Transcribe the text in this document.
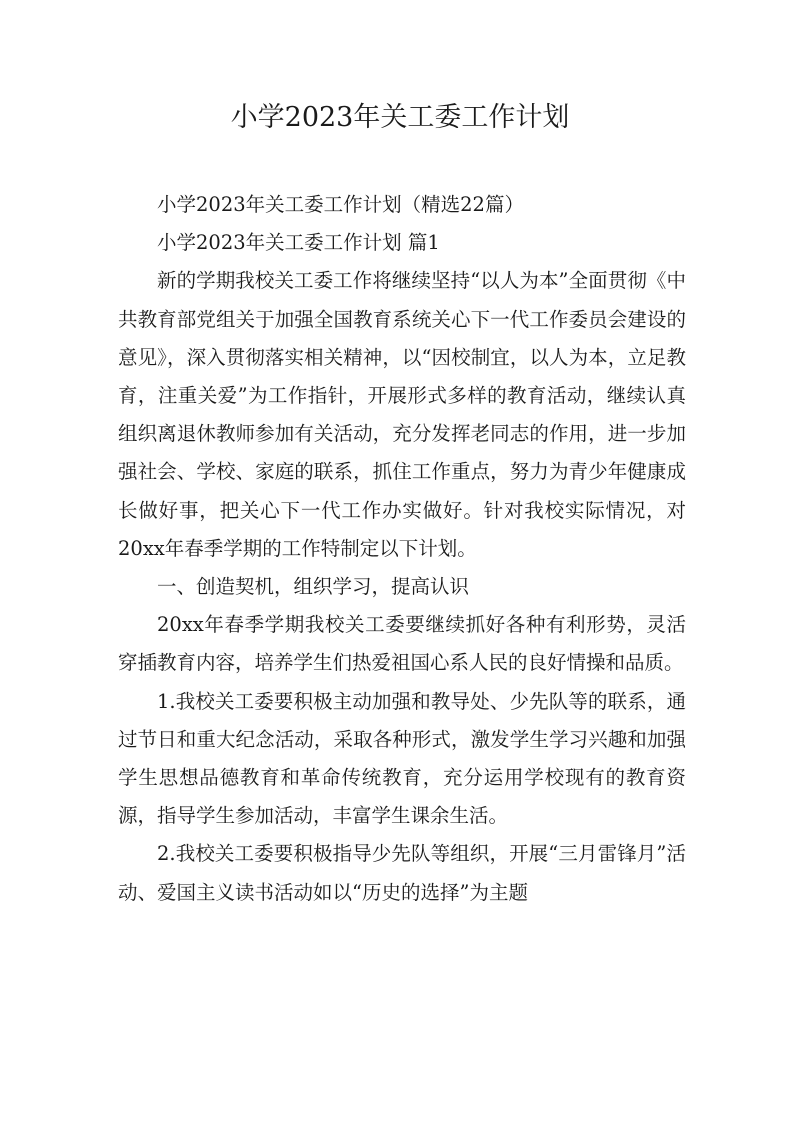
小学2023年关工委工作计划

小学2023年关工委工作计划（精选22篇）

小学2023年关工委工作计划 篇1

新的学期我校关工委工作将继续坚持“以人为本”全面贯彻《中共教育部党组关于加强全国教育系统关心下一代工作委员会建设的意见》，深入贯彻落实相关精神，以“因校制宜，以人为本，立足教育，注重关爱”为工作指针，开展形式多样的教育活动，继续认真组织离退休教师参加有关活动，充分发挥老同志的作用，进一步加强社会、学校、家庭的联系，抓住工作重点，努力为青少年健康成长做好事，把关心下一代工作办实做好。针对我校实际情况，对20xx年春季学期的工作特制定以下计划。

一、创造契机，组织学习，提高认识

20xx年春季学期我校关工委要继续抓好各种有利形势，灵活穿插教育内容，培养学生们热爱祖国心系人民的良好情操和品质。

1.我校关工委要积极主动加强和教导处、少先队等的联系，通过节日和重大纪念活动，采取各种形式，激发学生学习兴趣和加强学生思想品德教育和革命传统教育，充分运用学校现有的教育资源，指导学生参加活动，丰富学生课余生活。

2.我校关工委要积极指导少先队等组织，开展“三月雷锋月”活动、爱国主义读书活动如以“历史的选择”为主题
